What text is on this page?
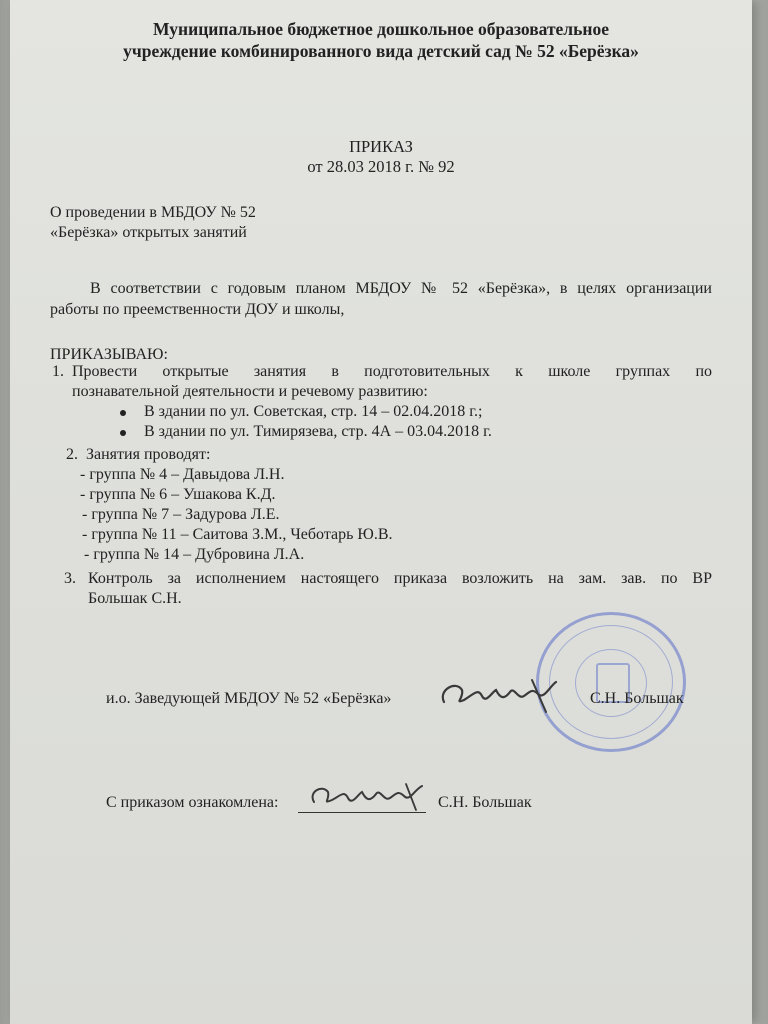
Муниципальное бюджетное дошкольное образовательное
учреждение комбинированного вида детский сад № 52 «Берёзка»
ПРИКАЗ
от 28.03 2018 г. № 92
О проведении в МБДОУ № 52
«Берёзка» открытых занятий
В соответствии с годовым планом МБДОУ № 52 «Берёзка», в целях организации
работы по преемственности ДОУ и школы,
ПРИКАЗЫВАЮ:
1. Провести открытые занятия в подготовительных к школе группах по
познавательной деятельности и речевому развитию:
В здании по ул. Советская, стр. 14 – 02.04.2018 г.;
В здании по ул. Тимирязева, стр. 4А – 03.04.2018 г.
2. Занятия проводят:
- группа № 4 – Давыдова Л.Н.
- группа № 6 – Ушакова К.Д.
- группа № 7 – Задурова Л.Е.
- группа № 11 – Саитова З.М., Чеботарь Ю.В.
- группа № 14 – Дубровина Л.А.
3. Контроль за исполнением настоящего приказа возложить на зам. зав. по ВР
Большак С.Н.
и.о. Заведующей МБДОУ № 52 «Берёзка»	С.Н. Большак
С приказом ознакомлена:	С.Н. Большак
